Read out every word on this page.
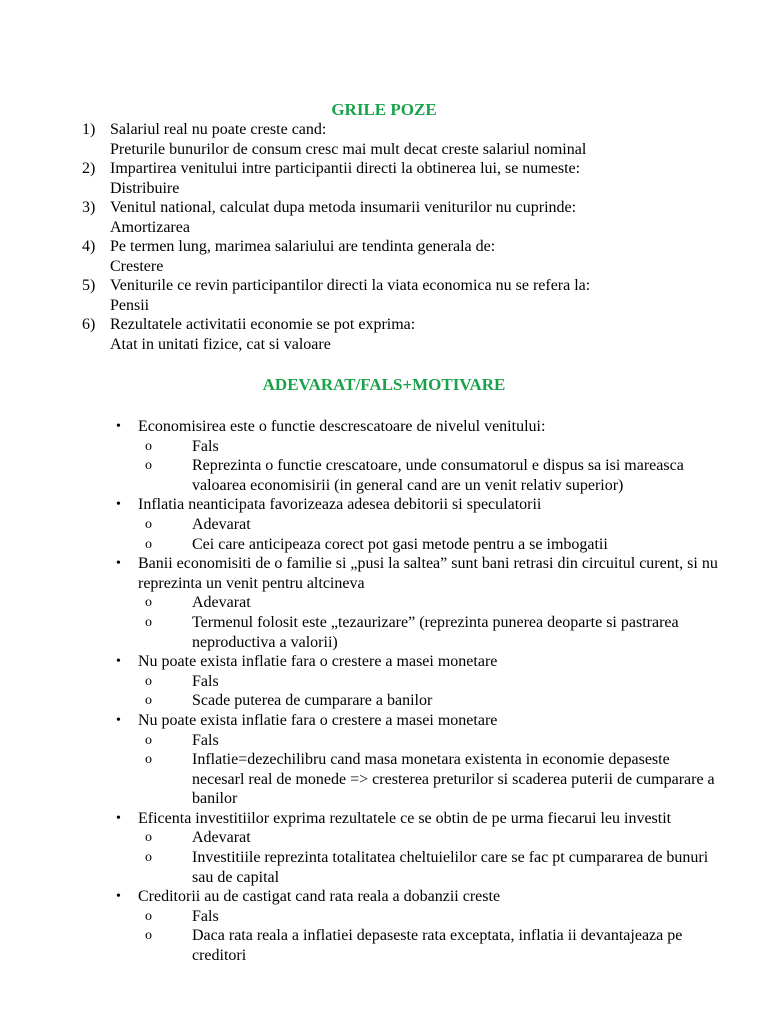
GRILE POZE
1) Salariul real nu poate creste cand:
Preturile bunurilor de consum cresc mai mult decat creste salariul nominal
2) Impartirea venitului intre participantii directi la obtinerea lui, se numeste:
Distribuire
3) Venitul national, calculat dupa metoda insumarii veniturilor nu cuprinde:
Amortizarea
4) Pe termen lung, marimea salariului are tendinta generala de:
Crestere
5) Veniturile ce revin participantilor directi la viata economica nu se refera la:
Pensii
6) Rezultatele activitatii economie se pot exprima:
Atat in unitati fizice, cat si valoare
ADEVARAT/FALS+MOTIVARE
•	Economisirea este o functie descrescatoare de nivelul venitului:
o	Fals
o	Reprezinta o functie crescatoare, unde consumatorul e dispus sa isi mareasca valoarea economisirii (in general cand are un venit relativ superior)
•	Inflatia neanticipata favorizeaza adesea debitorii si speculatorii
o	Adevarat
o	Cei care anticipeaza corect pot gasi metode pentru a se imbogatii
•	Banii economisiti de o familie si „pusi la saltea” sunt bani retrasi din circuitul curent, si nu reprezinta un venit pentru altcineva
o	Adevarat
o	Termenul folosit este „tezaurizare” (reprezinta punerea deoparte si pastrarea neproductiva a valorii)
•	Nu poate exista inflatie fara o crestere a masei monetare
o	Fals
o	Scade puterea de cumparare a banilor
•	Nu poate exista inflatie fara o crestere a masei monetare
o	Fals
o	Inflatie=dezechilibru cand masa monetara existenta in economie depaseste necesarl real de monede => cresterea preturilor si scaderea puterii de cumparare a banilor
•	Eficenta investitiilor exprima rezultatele ce se obtin de pe urma fiecarui leu investit
o	Adevarat
o	Investitiile reprezinta totalitatea cheltuielilor care se fac pt cumpararea de bunuri sau de capital
•	Creditorii au de castigat cand rata reala a dobanzii creste
o	Fals
o	Daca rata reala a inflatiei depaseste rata exceptata, inflatia ii devantajeaza pe creditori
